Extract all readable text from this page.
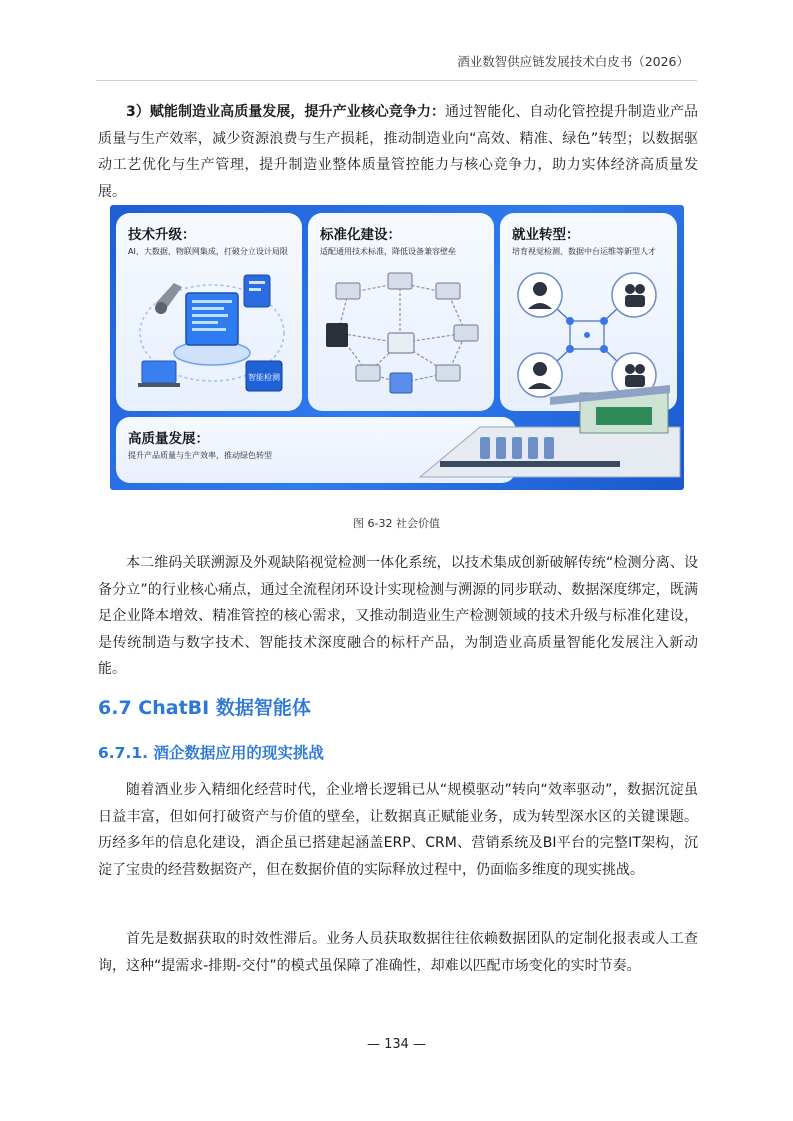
酒业数智供应链发展技术白皮书（2026）

3）赋能制造业高质量发展，提升产业核心竞争力：通过智能化、自动化管控提升制造业产品质量与生产效率，减少资源浪费与生产损耗，推动制造业向“高效、精准、绿色”转型；以数据驱动工艺优化与生产管理，提升制造业整体质量管控能力与核心竞争力，助力实体经济高质量发展。

技术升级：
AI、大数据、物联网集成，打破分立设计局限
智能检测
标准化建设：
适配通用技术标准，降低设备兼容壁垒
就业转型：
培育视觉检测、数据中台运维等新型人才
高质量发展：
提升产品质量与生产效率，推动绿色转型
图 6-32 社会价值

本二维码关联溯源及外观缺陷视觉检测一体化系统，以技术集成创新破解传统“检测分离、设备分立”的行业核心痛点，通过全流程闭环设计实现检测与溯源的同步联动、数据深度绑定，既满足企业降本增效、精准管控的核心需求，又推动制造业生产检测领域的技术升级与标准化建设，是传统制造与数字技术、智能技术深度融合的标杆产品，为制造业高质量智能化发展注入新动能。

6.7 ChatBI 数据智能体
6.7.1. 酒企数据应用的现实挑战

随着酒业步入精细化经营时代，企业增长逻辑已从“规模驱动”转向“效率驱动”，数据沉淀虽日益丰富，但如何打破资产与价值的壁垒，让数据真正赋能业务，成为转型深水区的关键课题。历经多年的信息化建设，酒企虽已搭建起涵盖ERP、CRM、营销系统及BI平台的完整IT架构，沉淀了宝贵的经营数据资产，但在数据价值的实际释放过程中，仍面临多维度的现实挑战。

首先是数据获取的时效性滞后。业务人员获取数据往往依赖数据团队的定制化报表或人工查询，这种“提需求-排期-交付”的模式虽保障了准确性，却难以匹配市场变化的实时节奏。

— 134 —
